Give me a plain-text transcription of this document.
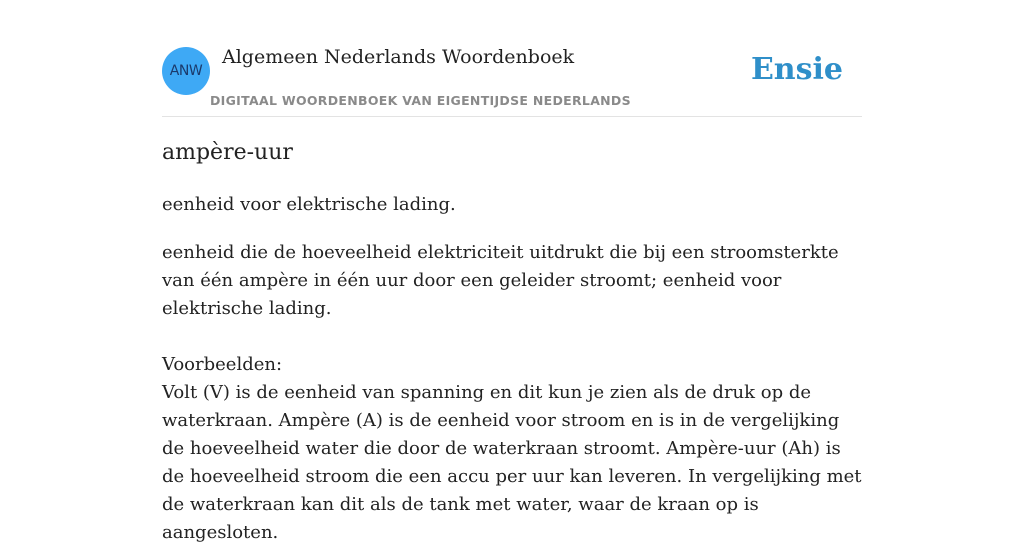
ANW
Algemeen Nederlands Woordenboek
DIGITAAL WOORDENBOEK VAN EIGENTIJDSE NEDERLANDS
Ensie
ampère-uur
eenheid voor elektrische lading.
eenheid die de hoeveelheid elektriciteit uitdrukt die bij een stroomsterkte van één ampère in één uur door een geleider stroomt; eenheid voor elektrische lading.
Voorbeelden:
Volt (V) is de eenheid van spanning en dit kun je zien als de druk op de waterkraan. Ampère (A) is de eenheid voor stroom en is in de vergelijking de hoeveelheid water die door de waterkraan stroomt. Ampère-uur (Ah) is de hoeveelheid stroom die een accu per uur kan leveren. In vergelijking met de waterkraan kan dit als de tank met water, waar de kraan op is aangesloten.
